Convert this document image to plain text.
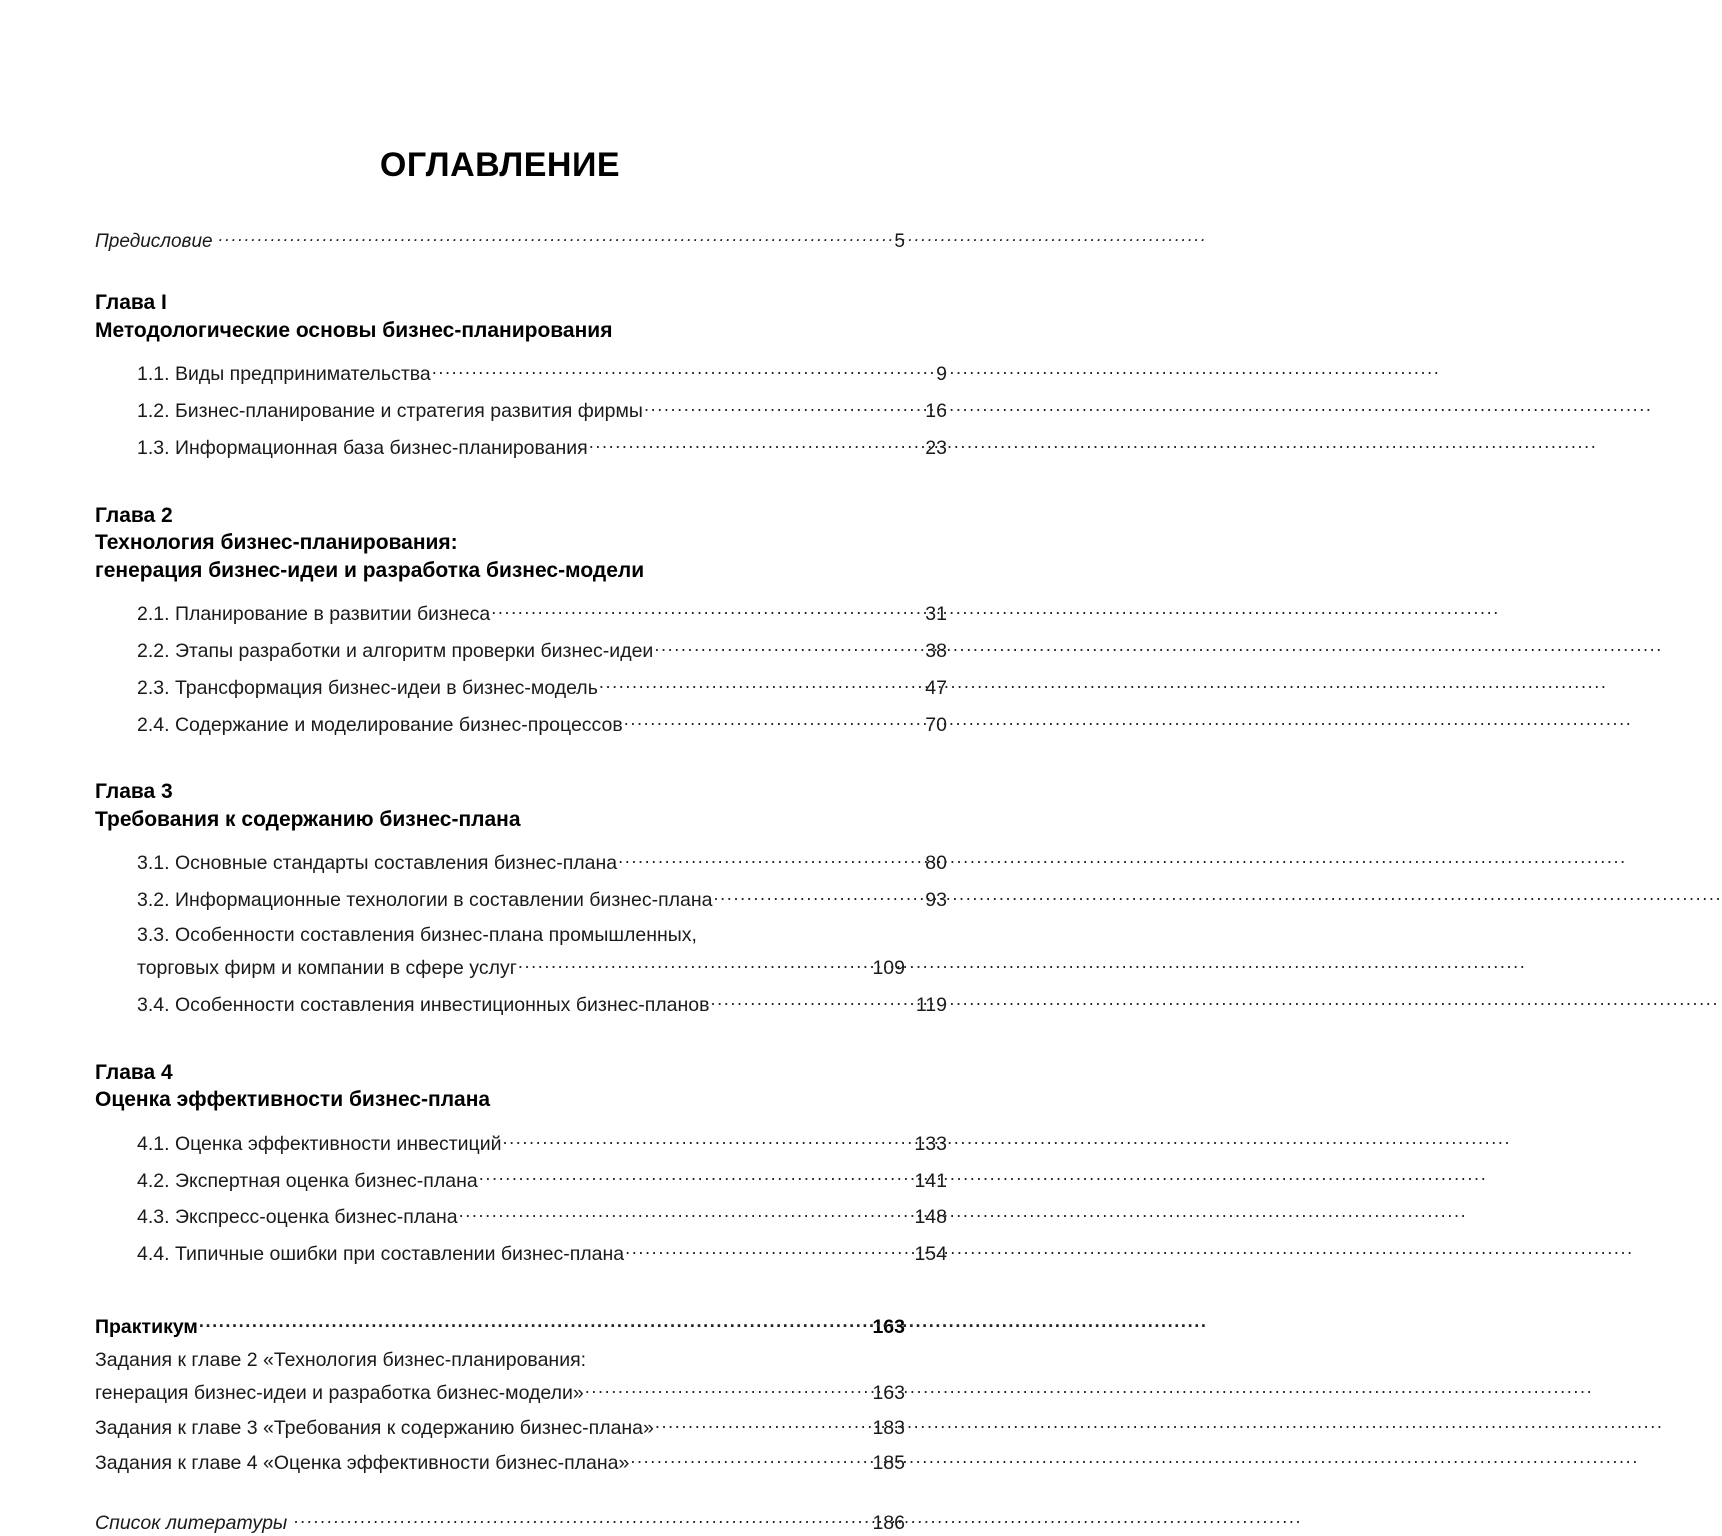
ОГЛАВЛЕНИЕ
Предисловие .....	5
Глава I
Методологические основы бизнес-планирования
1.1. Виды предпринимательства .....	9
1.2. Бизнес-планирование и стратегия развития фирмы .....	16
1.3. Информационная база бизнес-планирования .....	23
Глава 2
Технология бизнес-планирования:
генерация бизнес-идеи и разработка бизнес-модели
2.1. Планирование в развитии бизнеса .....	31
2.2. Этапы разработки и алгоритм проверки бизнес-идеи .....	38
2.3. Трансформация бизнес-идеи в бизнес-модель .....	47
2.4. Содержание и моделирование бизнес-процессов .....	70
Глава 3
Требования к содержанию бизнес-плана
3.1. Основные стандарты составления бизнес-плана .....	80
3.2. Информационные технологии в составлении бизнес-плана .....	93
3.3. Особенности составления бизнес-плана промышленных,
торговых фирм и компании в сфере услуг .....	109
3.4. Особенности составления инвестиционных бизнес-планов .....	119
Глава 4
Оценка эффективности бизнес-плана
4.1. Оценка эффективности инвестиций .....	133
4.2. Экспертная оценка бизнес-плана .....	141
4.3. Экспресс-оценка бизнес-плана .....	148
4.4. Типичные ошибки при составлении бизнес-плана .....	154
Практикум .....	163
Задания к главе 2 «Технология бизнес-планирования:
генерация бизнес-идеи и разработка бизнес-модели» .....	163
Задания к главе 3 «Требования к содержанию бизнес-плана» .....	183
Задания к главе 4 «Оценка эффективности бизнес-плана» .....	185
Список литературы .....	186
